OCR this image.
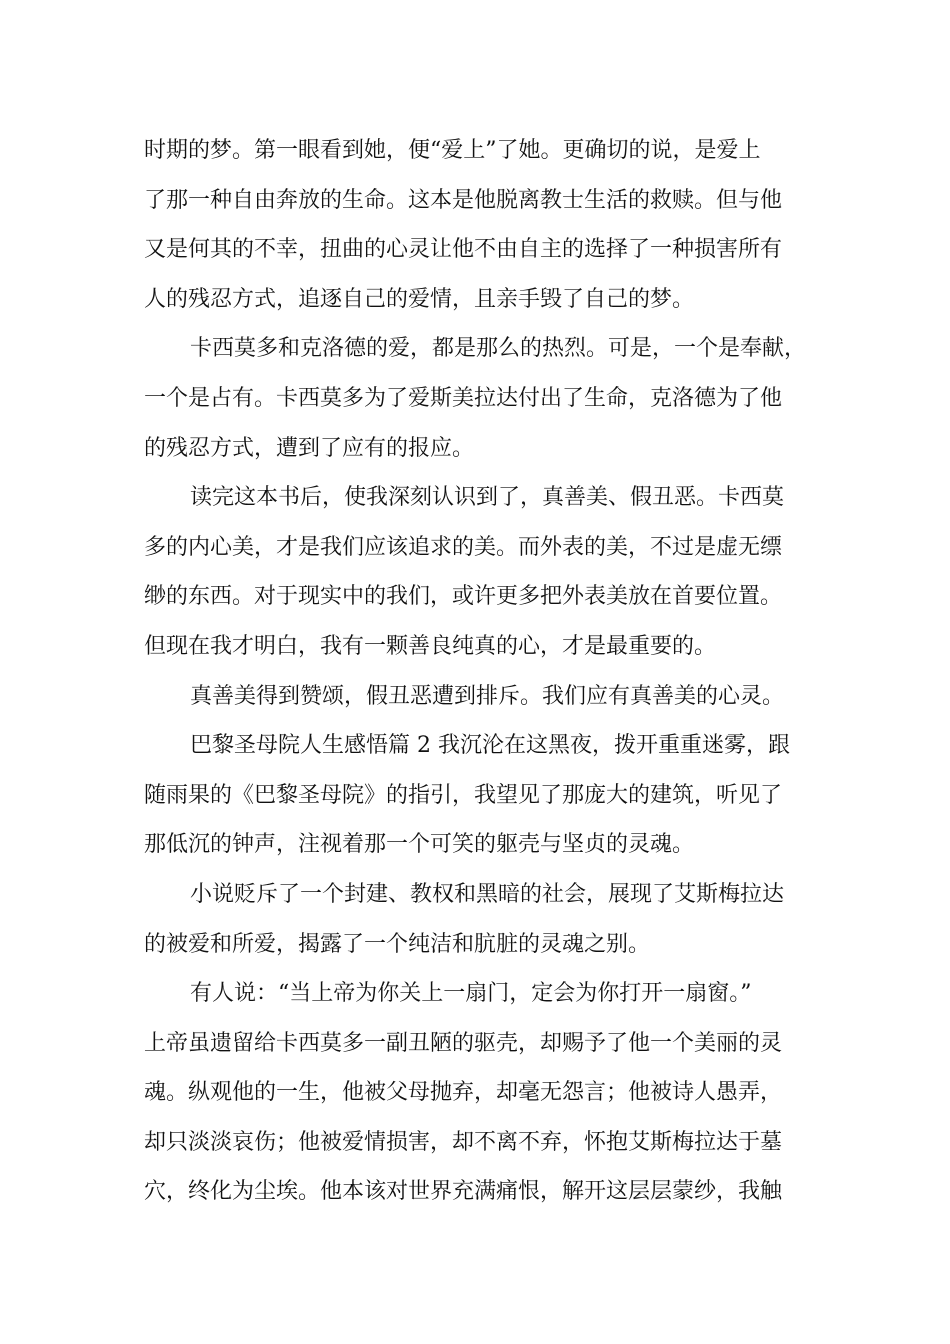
时期的梦。第一眼看到她，便“爱上”了她。更确切的说，是爱上
了那一种自由奔放的生命。这本是他脱离教士生活的救赎。但与他
又是何其的不幸，扭曲的心灵让他不由自主的选择了一种损害所有
人的残忍方式，追逐自己的爱情，且亲手毁了自己的梦。
卡西莫多和克洛德的爱，都是那么的热烈。可是，一个是奉献，
一个是占有。卡西莫多为了爱斯美拉达付出了生命，克洛德为了他
的残忍方式，遭到了应有的报应。
读完这本书后，使我深刻认识到了，真善美、假丑恶。卡西莫
多的内心美，才是我们应该追求的美。而外表的美，不过是虚无缥
缈的东西。对于现实中的我们，或许更多把外表美放在首要位置。
但现在我才明白，我有一颗善良纯真的心，才是最重要的。
真善美得到赞颂，假丑恶遭到排斥。我们应有真善美的心灵。
巴黎圣母院人生感悟篇 2 我沉沦在这黑夜，拨开重重迷雾，跟
随雨果的《巴黎圣母院》的指引，我望见了那庞大的建筑，听见了
那低沉的钟声，注视着那一个可笑的躯壳与坚贞的灵魂。
小说贬斥了一个封建、教权和黑暗的社会，展现了艾斯梅拉达
的被爱和所爱，揭露了一个纯洁和肮脏的灵魂之别。
有人说：“当上帝为你关上一扇门，定会为你打开一扇窗。”
上帝虽遗留给卡西莫多一副丑陋的驱壳，却赐予了他一个美丽的灵
魂。纵观他的一生，他被父母抛弃，却毫无怨言；他被诗人愚弄，
却只淡淡哀伤；他被爱情损害，却不离不弃，怀抱艾斯梅拉达于墓
穴，终化为尘埃。他本该对世界充满痛恨，解开这层层蒙纱，我触
